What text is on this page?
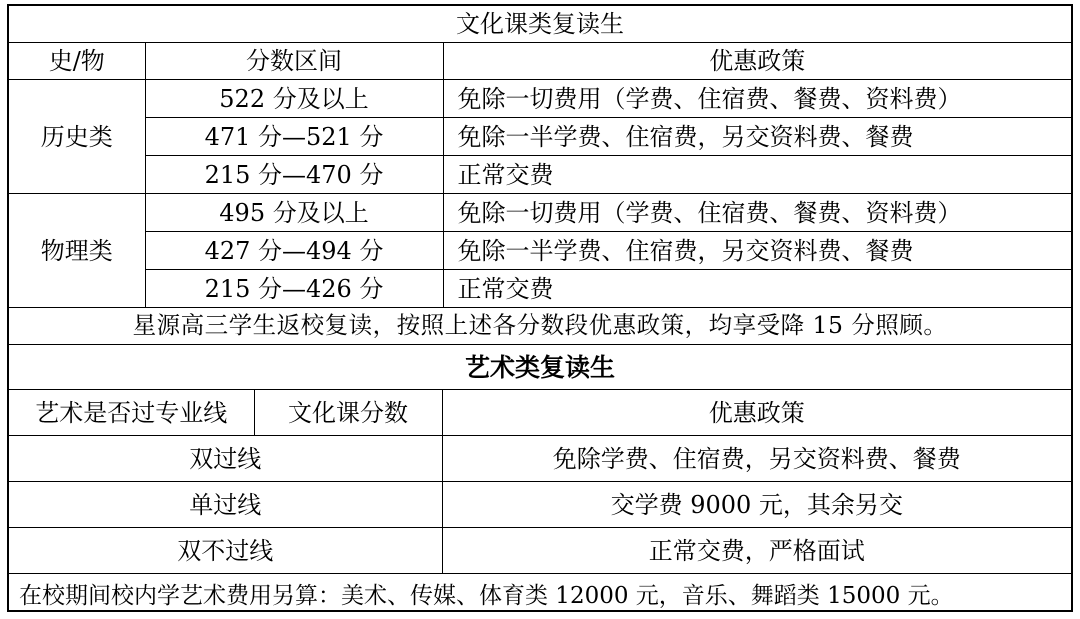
文化课类复读生		
史/物	分数区间	优惠政策
历史类	522 分及以上	免除一切费用（学费、住宿费、餐费、资料费）
	471 分—521 分	免除一半学费、住宿费，另交资料费、餐费
	215 分—470 分	正常交费
物理类	495 分及以上	免除一切费用（学费、住宿费、餐费、资料费）
	427 分—494 分	免除一半学费、住宿费，另交资料费、餐费
	215 分—426 分	正常交费
星源高三学生返校复读，按照上述各分数段优惠政策，均享受降 15 分照顾。		
艺术类复读生		
艺术是否过专业线	文化课分数	优惠政策
双过线		免除学费、住宿费，另交资料费、餐费
单过线		交学费 9000 元，其余另交
双不过线		正常交费，严格面试
在校期间校内学艺术费用另算：美术、传媒、体育类 12000 元，音乐、舞蹈类 15000 元。		
